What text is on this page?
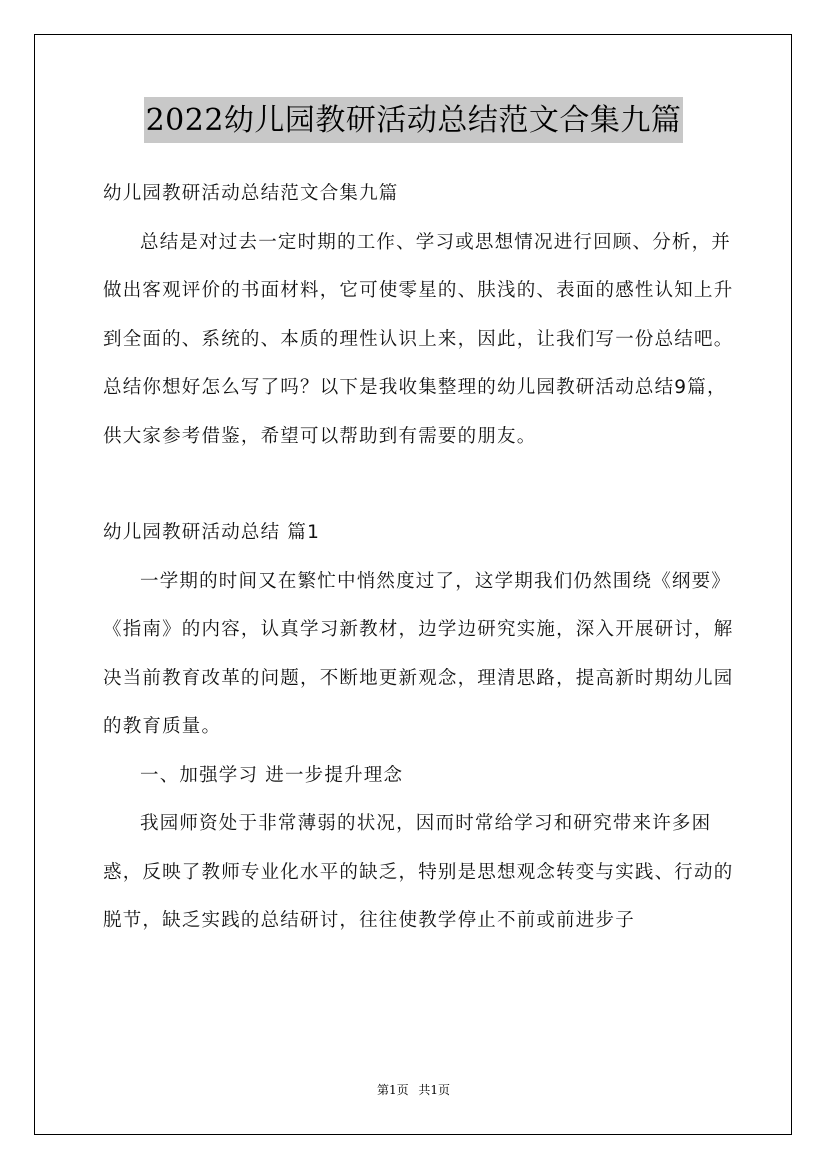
2022幼儿园教研活动总结范文合集九篇

幼儿园教研活动总结范文合集九篇

总结是对过去一定时期的工作、学习或思想情况进行回顾、分析，并做出客观评价的书面材料，它可使零星的、肤浅的、表面的感性认知上升到全面的、系统的、本质的理性认识上来，因此，让我们写一份总结吧。总结你想好怎么写了吗？以下是我收集整理的幼儿园教研活动总结9篇，供大家参考借鉴，希望可以帮助到有需要的朋友。

幼儿园教研活动总结 篇1

一学期的时间又在繁忙中悄然度过了，这学期我们仍然围绕《纲要》《指南》的内容，认真学习新教材，边学边研究实施，深入开展研讨，解决当前教育改革的问题，不断地更新观念，理清思路，提高新时期幼儿园的教育质量。

一、加强学习 进一步提升理念

我园师资处于非常薄弱的状况，因而时常给学习和研究带来许多困惑，反映了教师专业化水平的缺乏，特别是思想观念转变与实践、行动的脱节，缺乏实践的总结研讨，往往使教学停止不前或前进步子

第1页 共1页
